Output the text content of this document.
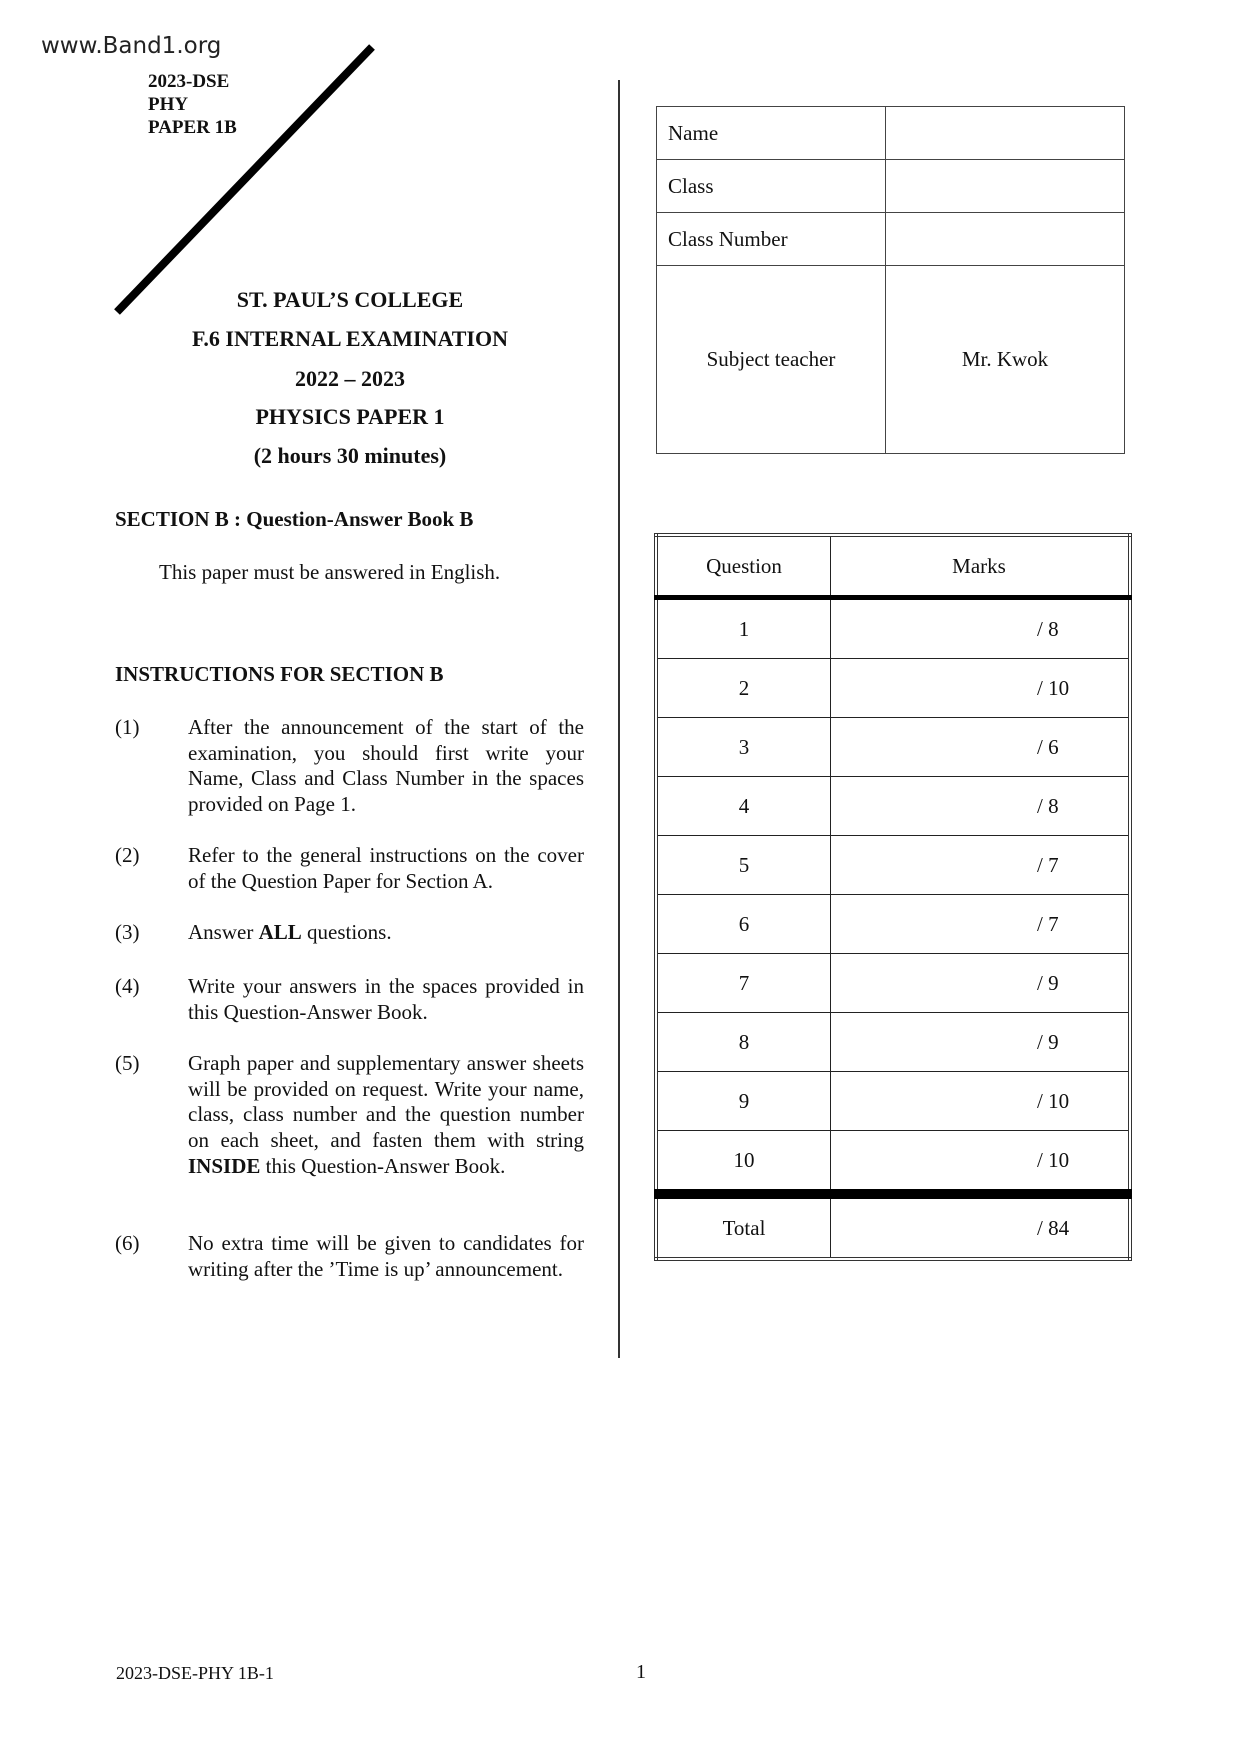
www.Band1.org
2023-DSE
PHY
PAPER 1B
ST. PAUL’S COLLEGE
F.6 INTERNAL EXAMINATION
2022 – 2023
PHYSICS PAPER 1
(2 hours 30 minutes)
SECTION B : Question-Answer Book B
This paper must be answered in English.
INSTRUCTIONS FOR SECTION B
(1) After the announcement of the start of the examination, you should first write your Name, Class and Class Number in the spaces provided on Page 1.
(2) Refer to the general instructions on the cover of the Question Paper for Section A.
(3) Answer ALL questions.
(4) Write your answers in the spaces provided in this Question-Answer Book.
(5) Graph paper and supplementary answer sheets will be provided on request. Write your name, class, class number and the question number on each sheet, and fasten them with string INSIDE this Question-Answer Book.
(6) No extra time will be given to candidates for writing after the ’Time is up’ announcement.
Name	
Class	
Class Number	
Subject teacher	Mr. Kwok
Question	Marks
1	/ 8
2	/ 10
3	/ 6
4	/ 8
5	/ 7
6	/ 7
7	/ 9
8	/ 9
9	/ 10
10	/ 10
Total	/ 84
2023-DSE-PHY 1B-1	1
